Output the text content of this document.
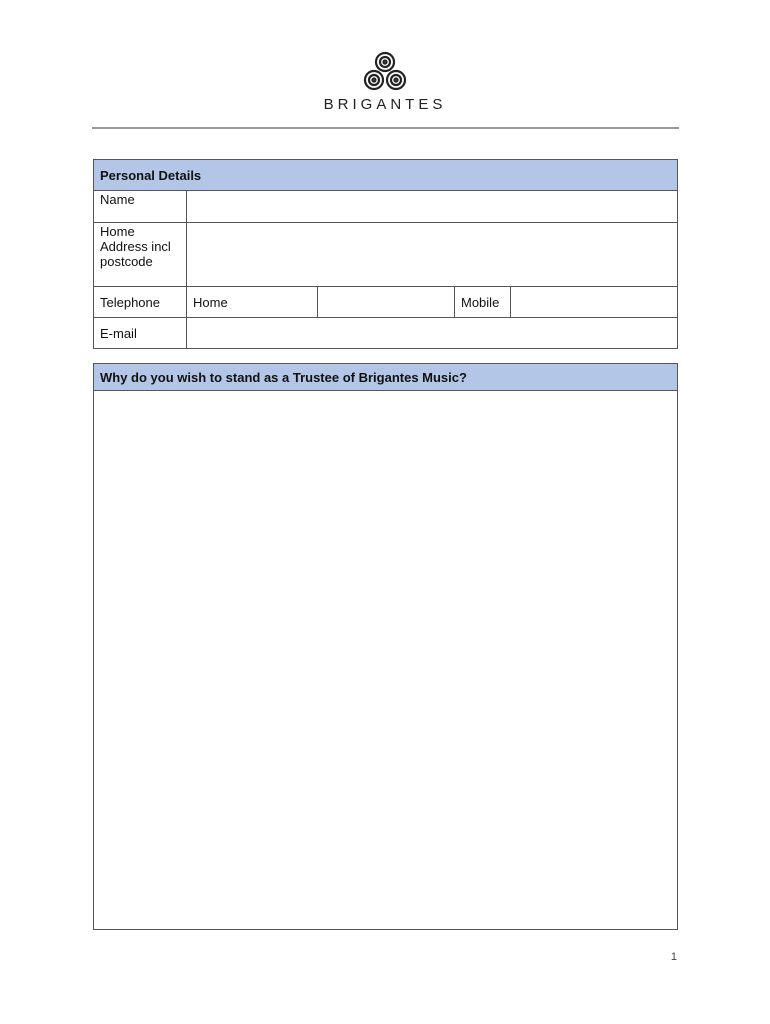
BRIGANTES
Personal Details				
Name				
Home Address incl postcode				
Telephone	Home		Mobile	
E-mail				
Why do you wish to stand as a Trustee of Brigantes Music?

1
